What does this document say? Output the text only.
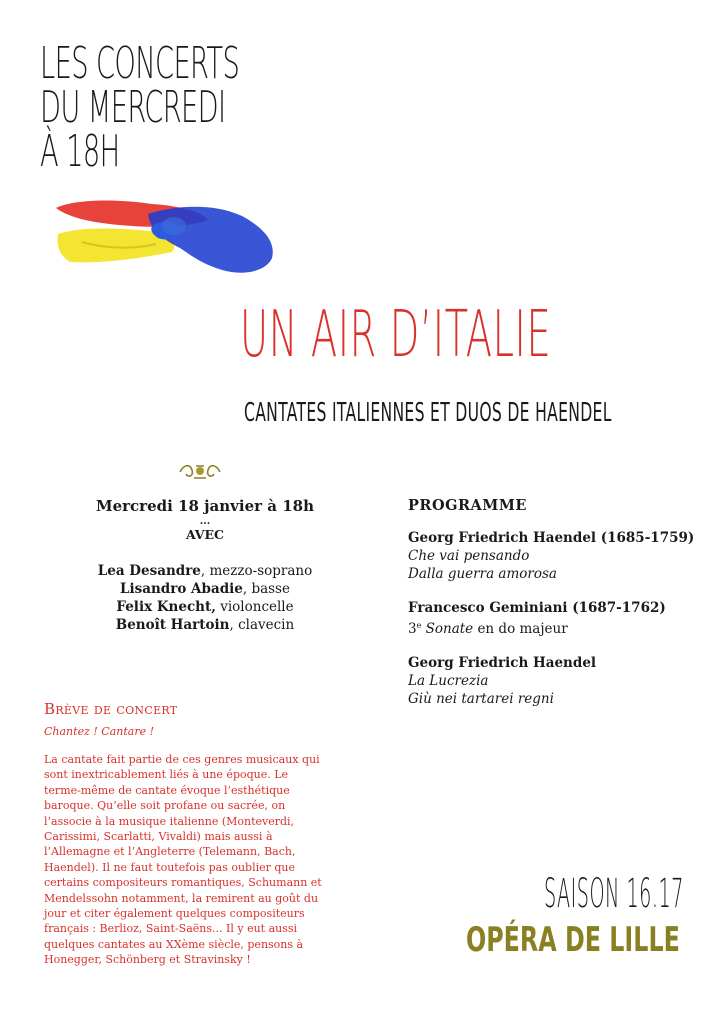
LES CONCERTS
DU MERCREDI
À 18H
UN AIR D’ITALIE
CANTATES ITALIENNES ET DUOS DE HAENDEL
Mercredi 18 janvier à 18h
...
AVEC
Lea Desandre, mezzo-soprano
Lisandro Abadie, basse
Felix Knecht, violoncelle
Benoît Hartoin, clavecin
PROGRAMME
Georg Friedrich Haendel (1685-1759)
Che vai pensando
Dalla guerra amorosa
Francesco Geminiani (1687-1762)
3e Sonate en do majeur
Georg Friedrich Haendel
La Lucrezia
Giù nei tartarei regni
Brève de concert
Chantez ! Cantare !
La cantate fait partie de ces genres musicaux qui sont inextricablement liés à une époque. Le terme-même de cantate évoque l’esthétique baroque. Qu’elle soit profane ou sacrée, on l’associe à la musique italienne (Monteverdi, Carissimi, Scarlatti, Vivaldi) mais aussi à l’Allemagne et l’Angleterre (Telemann, Bach, Haendel). Il ne faut toutefois pas oublier que certains compositeurs romantiques, Schumann et Mendelssohn notamment, la remirent au goût du jour et citer également quelques compositeurs français : Berlioz, Saint-Saëns... Il y eut aussi quelques cantates au XXème siècle, pensons à Honegger, Schönberg et Stravinsky !
SAISON 16.17
OPÉRA DE LILLE
